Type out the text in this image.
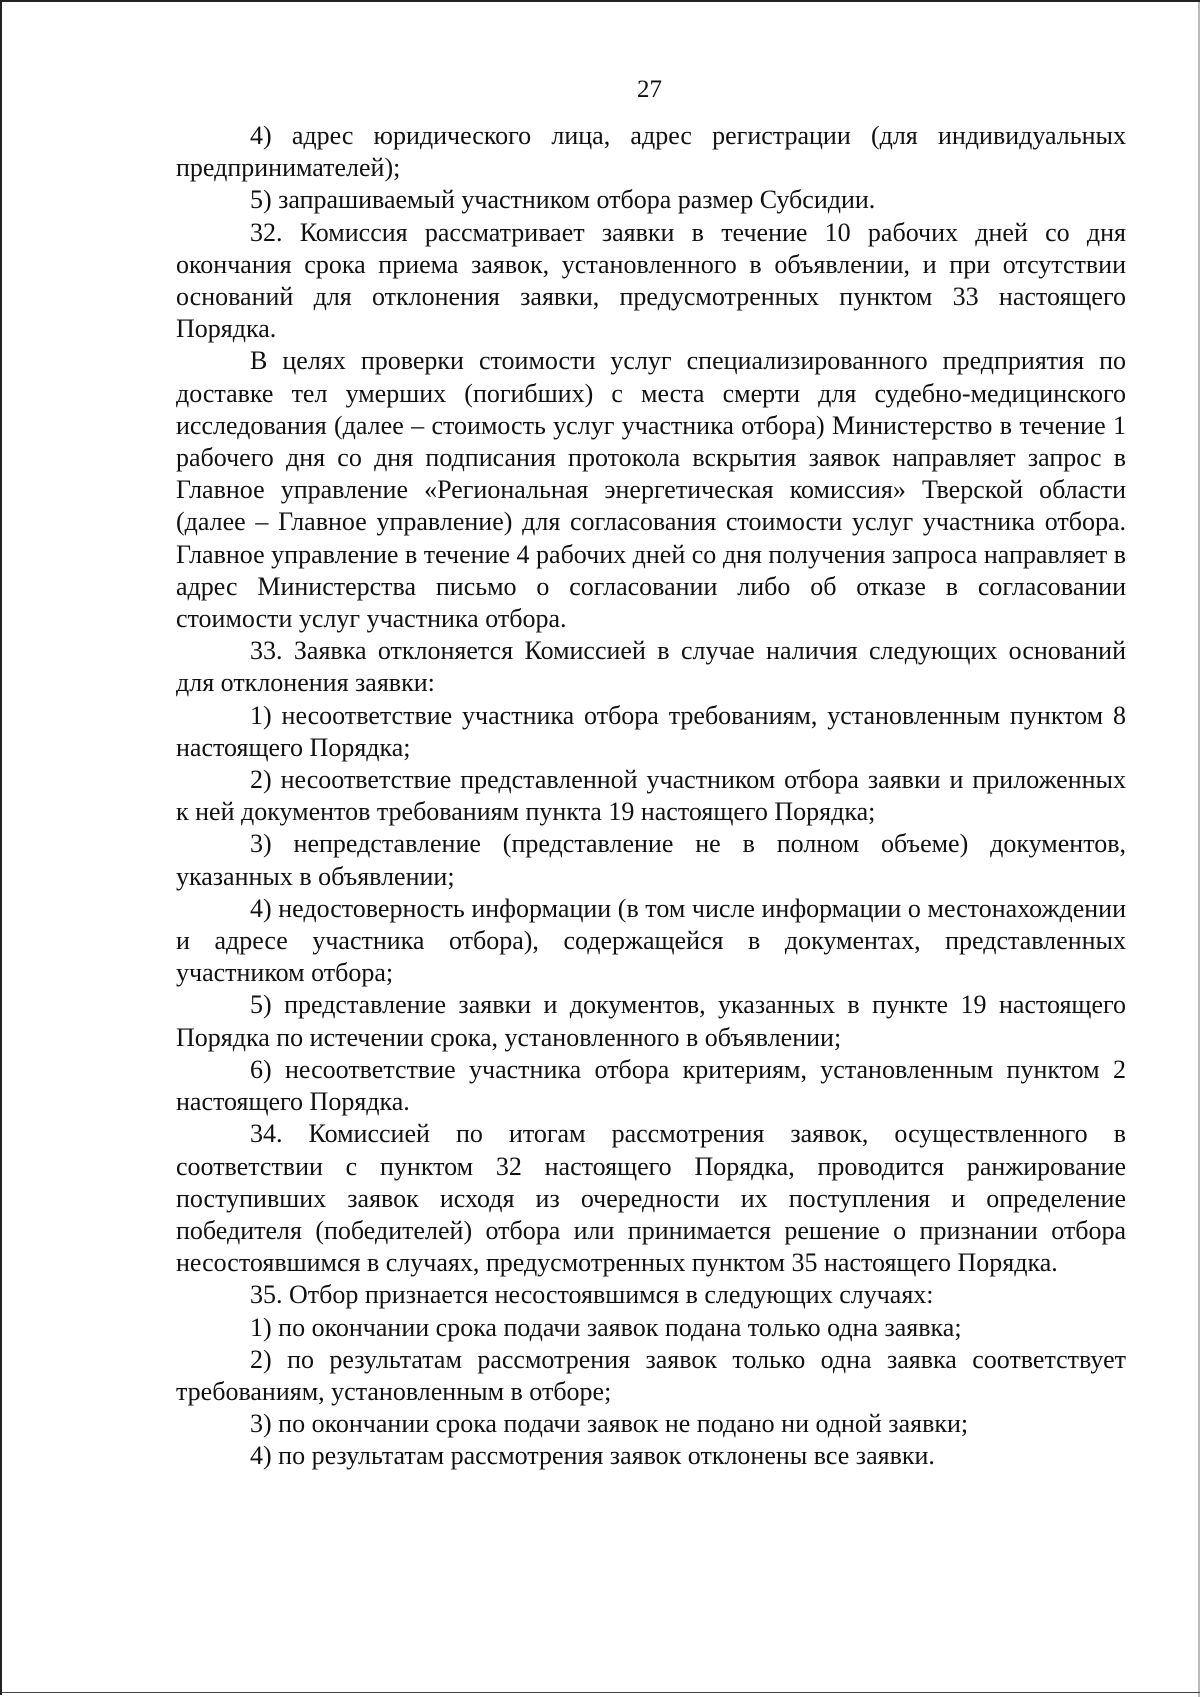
27

4) адрес юридического лица, адрес регистрации (для индивидуальных предпринимателей);

5) запрашиваемый участником отбора размер Субсидии.

32. Комиссия рассматривает заявки в течение 10 рабочих дней со дня окончания срока приема заявок, установленного в объявлении, и при отсутствии оснований для отклонения заявки, предусмотренных пунктом 33 настоящего Порядка.

В целях проверки стоимости услуг специализированного предприятия по доставке тел умерших (погибших) с места смерти для судебно-медицинского исследования (далее – стоимость услуг участника отбора) Министерство в течение 1 рабочего дня со дня подписания протокола вскрытия заявок направляет запрос в Главное управление «Региональная энергетическая комиссия» Тверской области (далее – Главное управление) для согласования стоимости услуг участника отбора. Главное управление в течение 4 рабочих дней со дня получения запроса направляет в адрес Министерства письмо о согласовании либо об отказе в согласовании стоимости услуг участника отбора.

33. Заявка отклоняется Комиссией в случае наличия следующих оснований для отклонения заявки:

1) несоответствие участника отбора требованиям, установленным пунктом 8 настоящего Порядка;

2) несоответствие представленной участником отбора заявки и приложенных к ней документов требованиям пункта 19 настоящего Порядка;

3) непредставление (представление не в полном объеме) документов, указанных в объявлении;

4) недостоверность информации (в том числе информации о местонахождении и адресе участника отбора), содержащейся в документах, представленных участником отбора;

5) представление заявки и документов, указанных в пункте 19 настоящего Порядка по истечении срока, установленного в объявлении;

6) несоответствие участника отбора критериям, установленным пунктом 2 настоящего Порядка.

34. Комиссией по итогам рассмотрения заявок, осуществленного в соответствии с пунктом 32 настоящего Порядка, проводится ранжирование поступивших заявок исходя из очередности их поступления и определение победителя (победителей) отбора или принимается решение о признании отбора несостоявшимся в случаях, предусмотренных пунктом 35 настоящего Порядка.

35. Отбор признается несостоявшимся в следующих случаях:

1) по окончании срока подачи заявок подана только одна заявка;

2) по результатам рассмотрения заявок только одна заявка соответствует требованиям, установленным в отборе;

3) по окончании срока подачи заявок не подано ни одной заявки;

4) по результатам рассмотрения заявок отклонены все заявки.
